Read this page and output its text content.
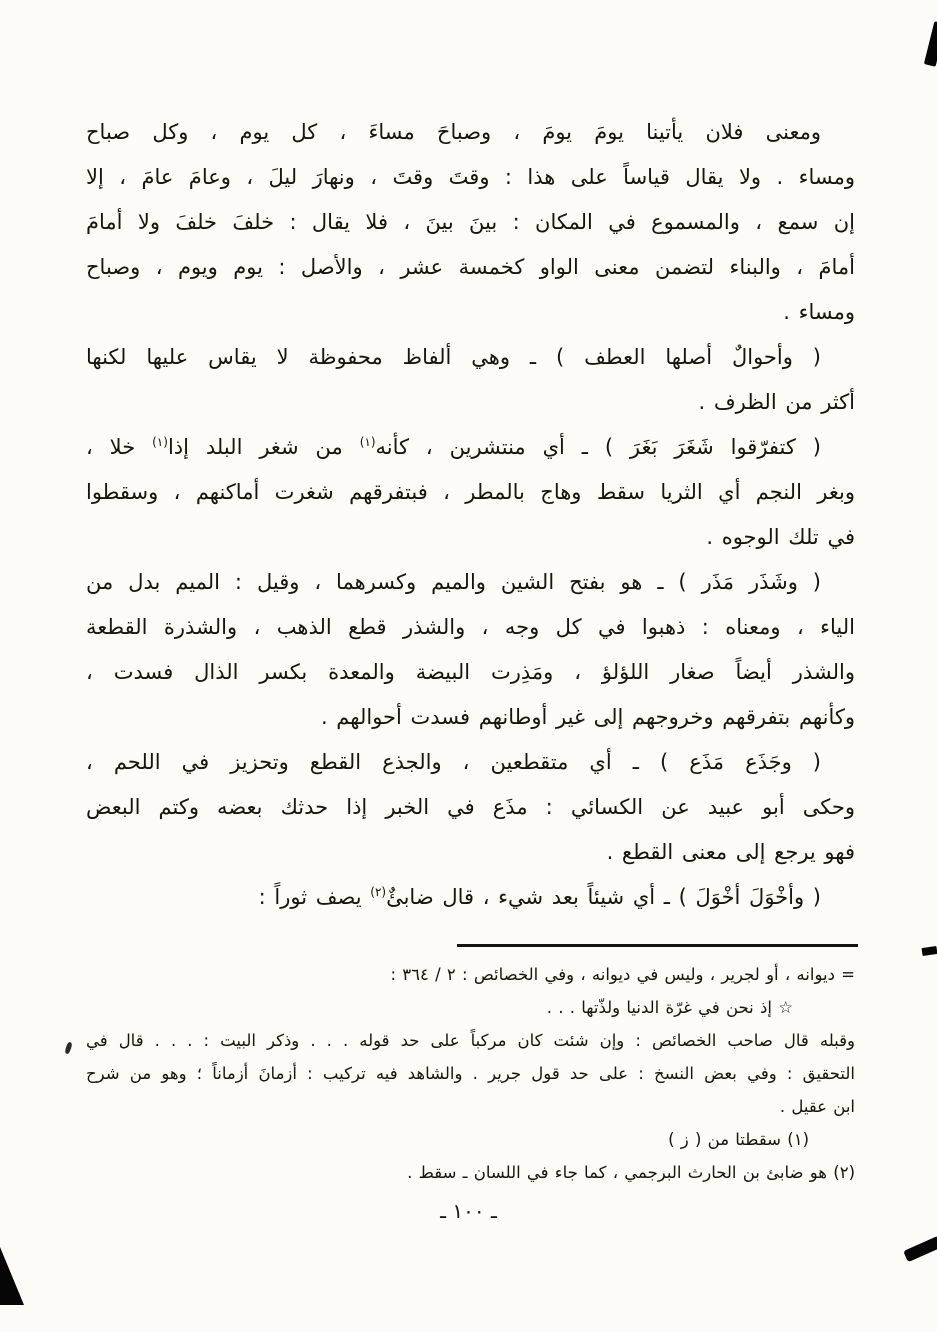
ومعنى فلان يأتينا يومَ يومَ ، وصباحَ مساءَ ، كل يوم ، وكل صباح
ومساء . ولا يقال قياساً على هذا : وقتَ وقتَ ، ونهارَ ليلَ ، وعامَ عامَ ، إلا
إن سمع ، والمسموع في المكان : بينَ بينَ ، فلا يقال : خلفَ خلفَ ولا أمامَ
أمامَ ، والبناء لتضمن معنى الواو كخمسة عشر ، والأصل : يوم ويوم ، وصباح
ومساء .
( وأحوالٌ أصلها العطف ) ـ وهي ألفاظ محفوظة لا يقاس عليها لكنها
أكثر من الظرف .
( كتفرّقوا شَغَرَ بَغَرَ ) ـ أي منتشرين ، كأنه$^{(١)}$ من شغر البلد إذا$^{(١)}$ خلا ،
وبغر النجم أي الثريا سقط وهاج بالمطر ، فبتفرقهم شغرت أماكنهم ، وسقطوا
في تلك الوجوه .
( وشَذَر مَذَر ) ـ هو بفتح الشين والميم وكسرهما ، وقيل : الميم بدل من
الياء ، ومعناه : ذهبوا في كل وجه ، والشذر قطع الذهب ، والشذرة القطعة
والشذر أيضاً صغار اللؤلؤ ، ومَذِرت البيضة والمعدة بكسر الذال فسدت ،
وكأنهم بتفرقهم وخروجهم إلى غير أوطانهم فسدت أحوالهم .
( وجَذَع مَذَع ) ـ أي متقطعين ، والجذع القطع وتحزيز في اللحم ،
وحكى أبو عبيد عن الكسائي : مذَع في الخبر إذا حدثك بعضه وكتم البعض
فهو يرجع إلى معنى القطع .
( وأخْوَلَ أخْوَلَ ) ـ أي شيئاً بعد شيء ، قال ضابئٌ$^{(٢)}$ يصف ثوراً :
= ديوانه ، أو لجرير ، وليس في ديوانه ، وفي الخصائص : ٢ / ٣٦٤ :
☆ إذ نحن في غرّة الدنيا ولذّتها . . .
وقبله قال صاحب الخصائص : وإن شئت كان مركباً على حد قوله . . . وذكر البيت : . . . قال في
التحقيق : وفي بعض النسخ : على حد قول جرير . والشاهد فيه تركيب : أزمانَ أزماناً ؛ وهو من شرح
ابن عقيل .
(١) سقطتا من ( ز )
(٢) هو ضابئ بن الحارث البرجمي ، كما جاء في اللسان ـ سقط .
ـ ١٠٠ ـ
